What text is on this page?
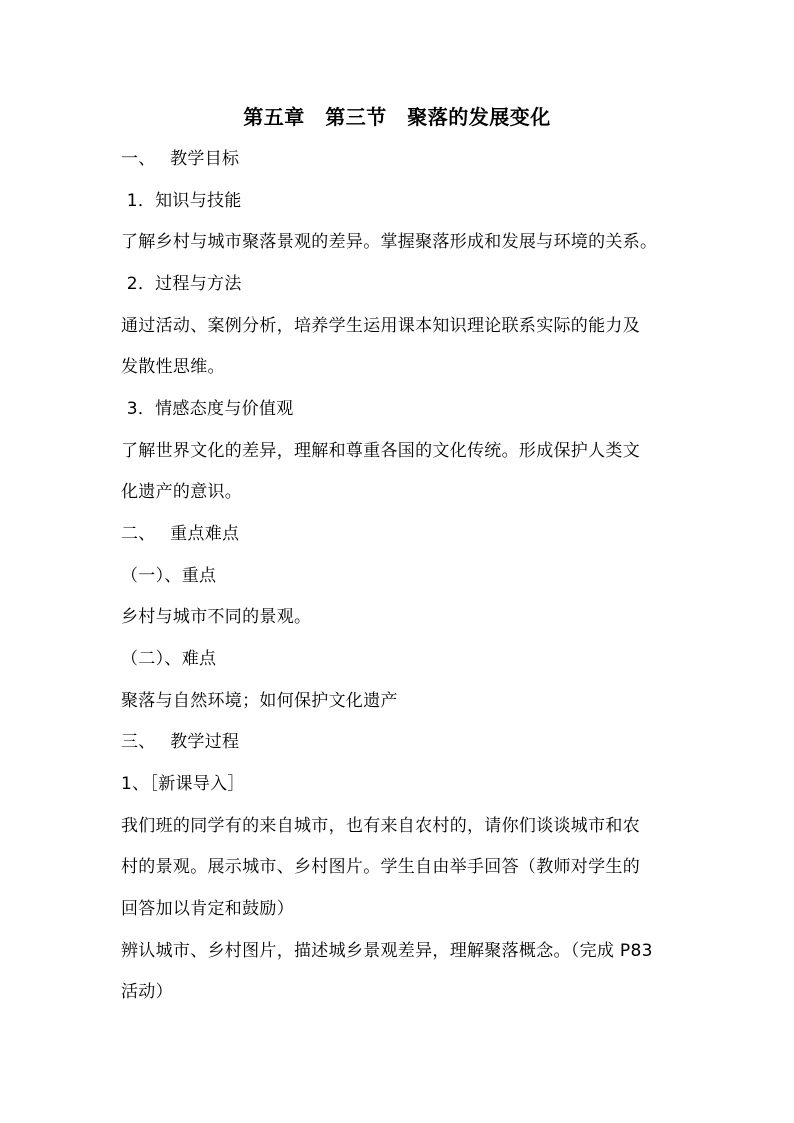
第五章　第三节　聚落的发展变化
一、　 教学目标
1．知识与技能
了解乡村与城市聚落景观的差异。掌握聚落形成和发展与环境的关系。
2．过程与方法
通过活动、案例分析，培养学生运用课本知识理论联系实际的能力及
发散性思维。
3．情感态度与价值观
了解世界文化的差异，理解和尊重各国的文化传统。形成保护人类文
化遗产的意识。
二、　 重点难点
（一）、重点
乡村与城市不同的景观。
（二）、难点
聚落与自然环境；如何保护文化遗产
三、　 教学过程
1、［新课导入］
我们班的同学有的来自城市，也有来自农村的，请你们谈谈城市和农
村的景观。展示城市、乡村图片。学生自由举手回答（教师对学生的
回答加以肯定和鼓励）
辨认城市、乡村图片，描述城乡景观差异，理解聚落概念。（完成 P83
活动）
